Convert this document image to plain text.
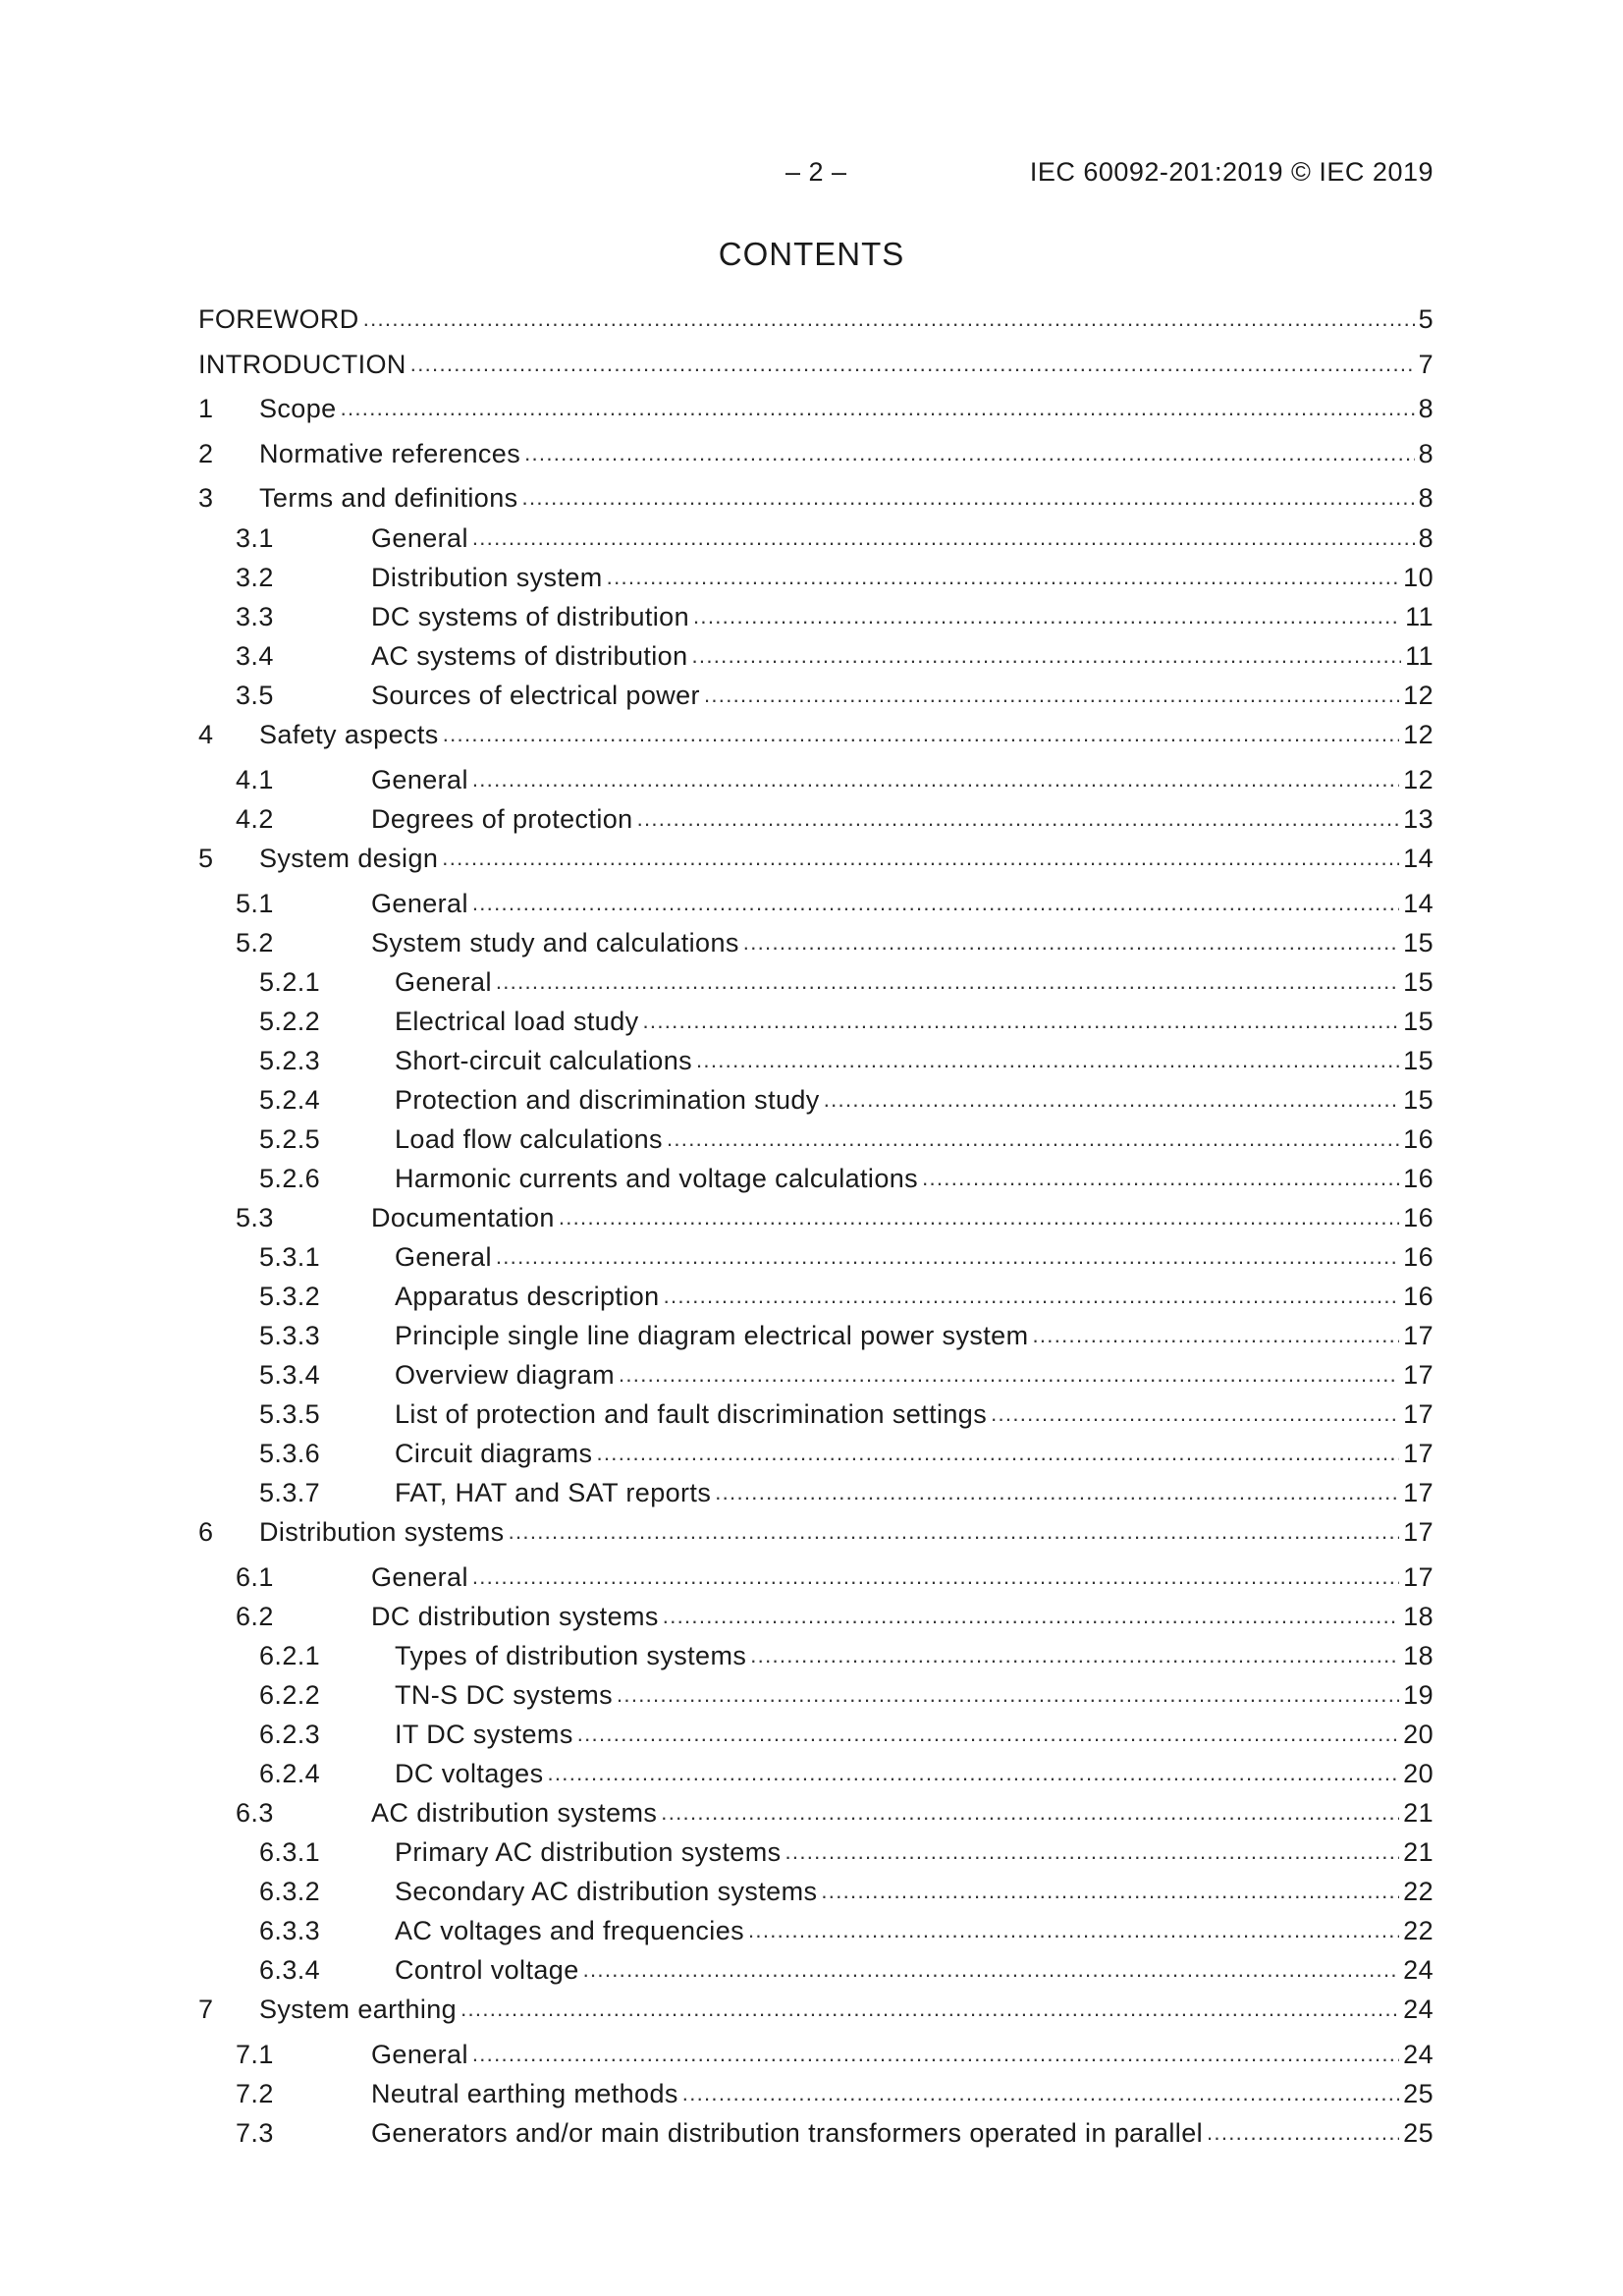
– 2 –	IEC 60092-201:2019 © IEC 2019
CONTENTS
FOREWORD .....	5
INTRODUCTION .....	7
1	Scope .....	8
2	Normative references .....	8
3	Terms and definitions .....	8
3.1	General .....	8
3.2	Distribution system .....	10
3.3	DC systems of distribution .....	11
3.4	AC systems of distribution .....	11
3.5	Sources of electrical power .....	12
4	Safety aspects .....	12
4.1	General .....	12
4.2	Degrees of protection .....	13
5	System design .....	14
5.1	General .....	14
5.2	System study and calculations .....	15
5.2.1	General .....	15
5.2.2	Electrical load study .....	15
5.2.3	Short-circuit calculations .....	15
5.2.4	Protection and discrimination study .....	15
5.2.5	Load flow calculations .....	16
5.2.6	Harmonic currents and voltage calculations .....	16
5.3	Documentation .....	16
5.3.1	General .....	16
5.3.2	Apparatus description .....	16
5.3.3	Principle single line diagram electrical power system .....	17
5.3.4	Overview diagram .....	17
5.3.5	List of protection and fault discrimination settings .....	17
5.3.6	Circuit diagrams .....	17
5.3.7	FAT, HAT and SAT reports .....	17
6	Distribution systems .....	17
6.1	General .....	17
6.2	DC distribution systems .....	18
6.2.1	Types of distribution systems .....	18
6.2.2	TN-S DC systems .....	19
6.2.3	IT DC systems .....	20
6.2.4	DC voltages .....	20
6.3	AC distribution systems .....	21
6.3.1	Primary AC distribution systems .....	21
6.3.2	Secondary AC distribution systems .....	22
6.3.3	AC voltages and frequencies .....	22
6.3.4	Control voltage .....	24
7	System earthing .....	24
7.1	General .....	24
7.2	Neutral earthing methods .....	25
7.3	Generators and/or main distribution transformers operated in parallel .....	25
